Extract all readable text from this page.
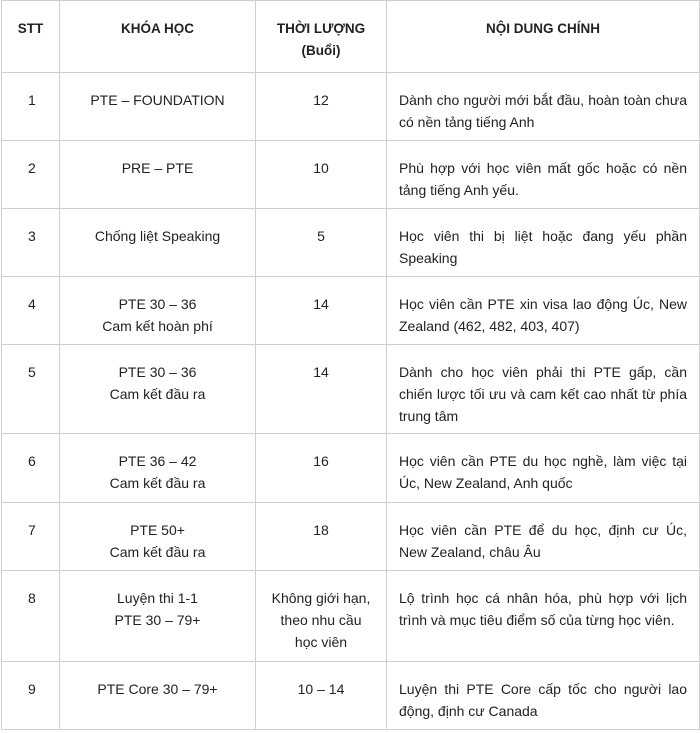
STT	KHÓA HỌC	THỜI LƯỢNG
(Buổi)	NỘI DUNG CHÍNH
1	PTE – FOUNDATION	12	Dành cho người mới bắt đầu, hoàn toàn chưa có nền tảng tiếng Anh
2	PRE – PTE	10	Phù hợp với học viên mất gốc hoặc có nền tảng tiếng Anh yếu.
3	Chống liệt Speaking	5	Học viên thi bị liệt hoặc đang yếu phần Speaking
4	PTE 30 – 36
Cam kết hoàn phí	14	Học viên cần PTE xin visa lao động Úc, New Zealand (462, 482, 403, 407)
5	PTE 30 – 36
Cam kết đầu ra	14	Dành cho học viên phải thi PTE gấp, cần chiến lược tối ưu và cam kết cao nhất từ phía trung tâm
6	PTE 36 – 42
Cam kết đầu ra	16	Học viên cần PTE du học nghề, làm việc tại Úc, New Zealand, Anh quốc
7	PTE 50+
Cam kết đầu ra	18	Học viên cần PTE để du học, định cư Úc, New Zealand, châu Âu
8	Luyện thi 1-1
PTE 30 – 79+	Không giới hạn,
theo nhu cầu
học viên	Lộ trình học cá nhân hóa, phù hợp với lịch trình và mục tiêu điểm số của từng học viên.
9	PTE Core 30 – 79+	10 – 14	Luyện thi PTE Core cấp tốc cho người lao động, định cư Canada
